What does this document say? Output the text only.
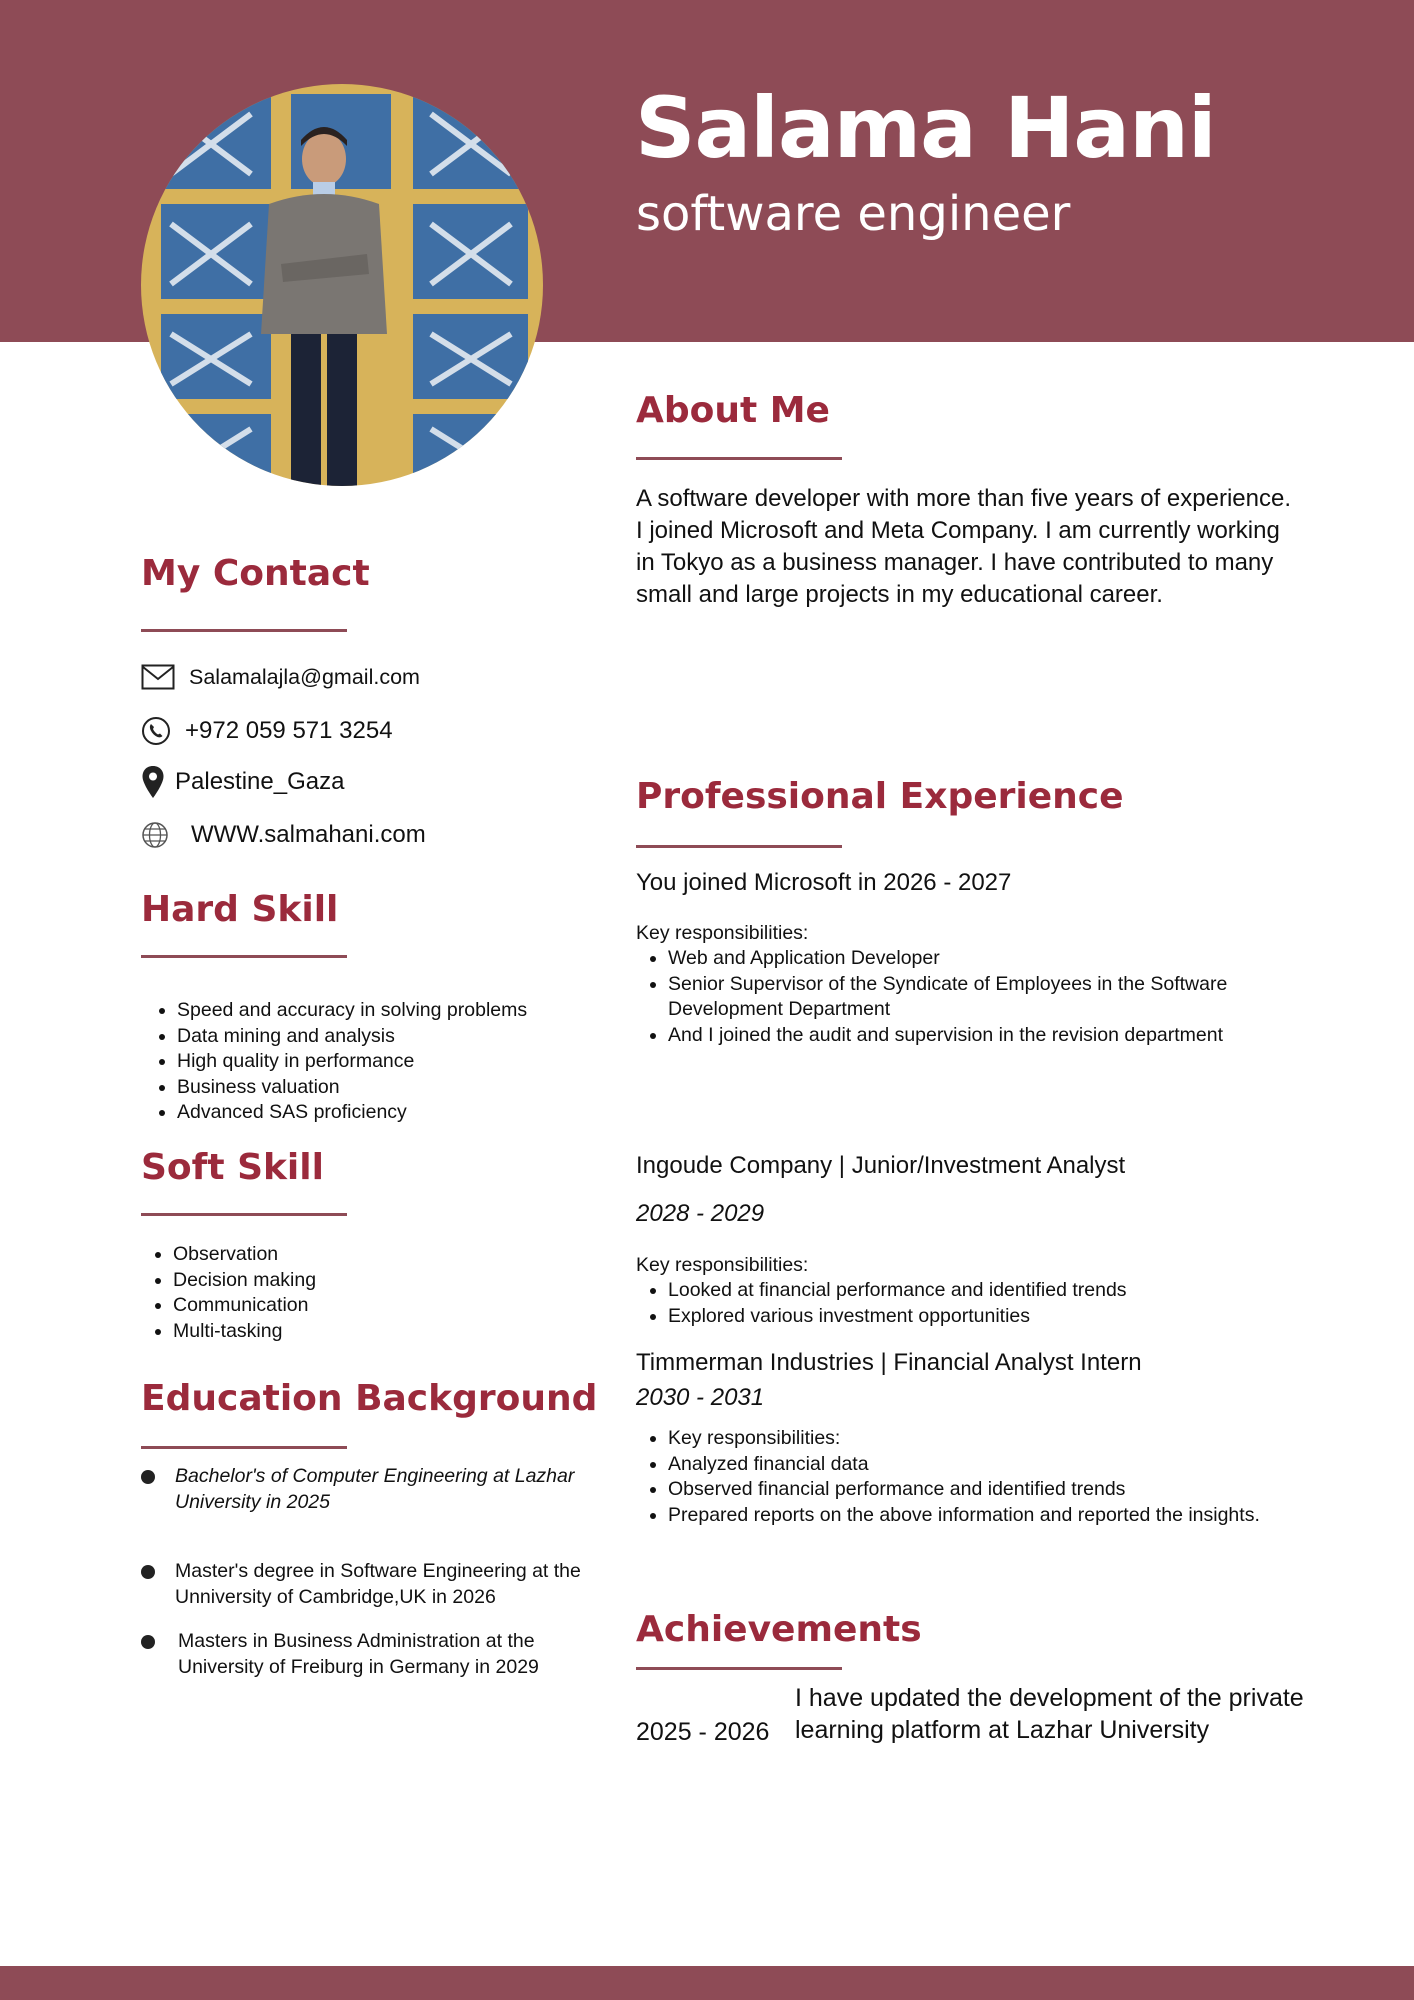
Salama Hani
software engineer
About Me

A software developer with more than five years of experience. I joined Microsoft and Meta Company. I am currently working in Tokyo as a business manager. I have contributed to many small and large projects in my educational career.

My Contact
Salamalajla@gmail.com
+972 059 571 3254
Palestine_Gaza
WWW.salmahani.com
Hard Skill
• Speed and accuracy in solving problems
• Data mining and analysis
• High quality in performance
• Business valuation
• Advanced SAS proficiency
Soft Skill
• Observation
• Decision making
• Communication
• Multi-tasking
Education Background
Bachelor's of Computer Engineering at Lazhar University in 2025
Master's degree in Software Engineering at the Unniversity of Cambridge,UK in 2026
Masters in Business Administration at the University of Freiburg in Germany in 2029
Professional Experience

You joined Microsoft in 2026 - 2027

Key responsibilities:

• Web and Application Developer
• Senior Supervisor of the Syndicate of Employees in the Software Development Department
• And I joined the audit and supervision in the revision department

Ingoude Company | Junior/Investment Analyst

2028 - 2029

Key responsibilities:

• Looked at financial performance and identified trends
• Explored various investment opportunities

Timmerman Industries | Financial Analyst Intern

2030 - 2031

• Key responsibilities:
• Analyzed financial data
• Observed financial performance and identified trends
• Prepared reports on the above information and reported the insights.
Achievements
2025 - 2026
I have updated the development of the private learning platform at Lazhar University
